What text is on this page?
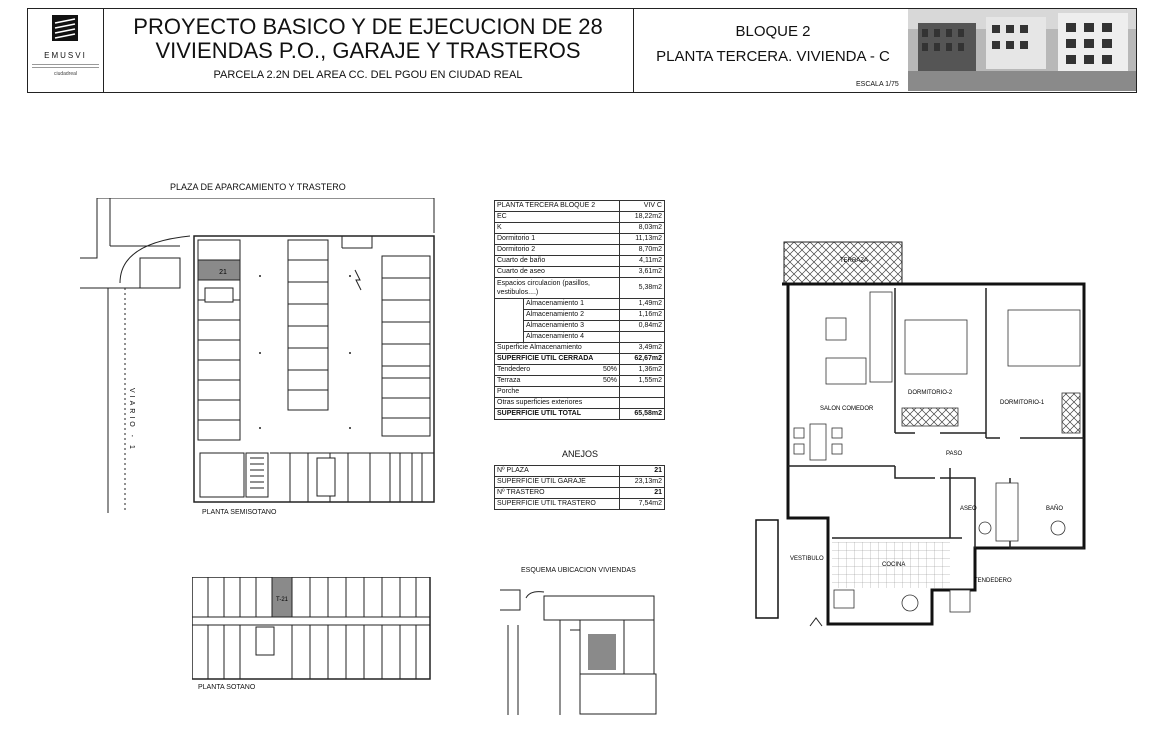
EMUSVI
ciudadreal
PROYECTO BASICO Y DE EJECUCION DE 28
VIVIENDAS P.O., GARAJE Y TRASTEROS
PARCELA 2.2N DEL AREA CC. DEL PGOU EN CIUDAD REAL
BLOQUE 2
PLANTA TERCERA. VIVIENDA - C
ESCALA 1/75
PLAZA DE APARCAMIENTO Y TRASTERO
21
VIARIO - 1
PLANTA SEMISOTANO
T-21
PLANTA SOTANO
PLANTA TERCERA BLOQUE 2		VIV C
EC		18,22m2
K		8,03m2
Dormitorio 1		11,13m2
Dormitorio 2		8,70m2
Cuarto de baño		4,11m2
Cuarto de aseo		3,61m2
Espacios circulacion (pasillos, vestibulos....)		5,38m2
	Almacenamiento 1	1,49m2
	Almacenamiento 2	1,16m2
	Almacenamiento 3	0,84m2
	Almacenamiento 4	
Superficie Almacenamiento		3,49m2
SUPERFICIE UTIL CERRADA		62,67m2
Tendedero 50%		1,36m2
Terraza 50%		1,55m2
Porche		
Otras superficies exteriores		
SUPERFICIE UTIL TOTAL		65,58m2
ANEJOS
Nº PLAZA	21
SUPERFICIE UTIL GARAJE	23,13m2
Nº TRASTERO	21
SUPERFICIE UTIL TRASTERO	7,54m2
ESQUEMA UBICACION VIVIENDAS
TERRAZA
SALON COMEDOR
DORMITORIO-2
DORMITORIO-1
PASO
ASEO	BAÑO
VESTIBULO
COCINA
TENDEDERO
